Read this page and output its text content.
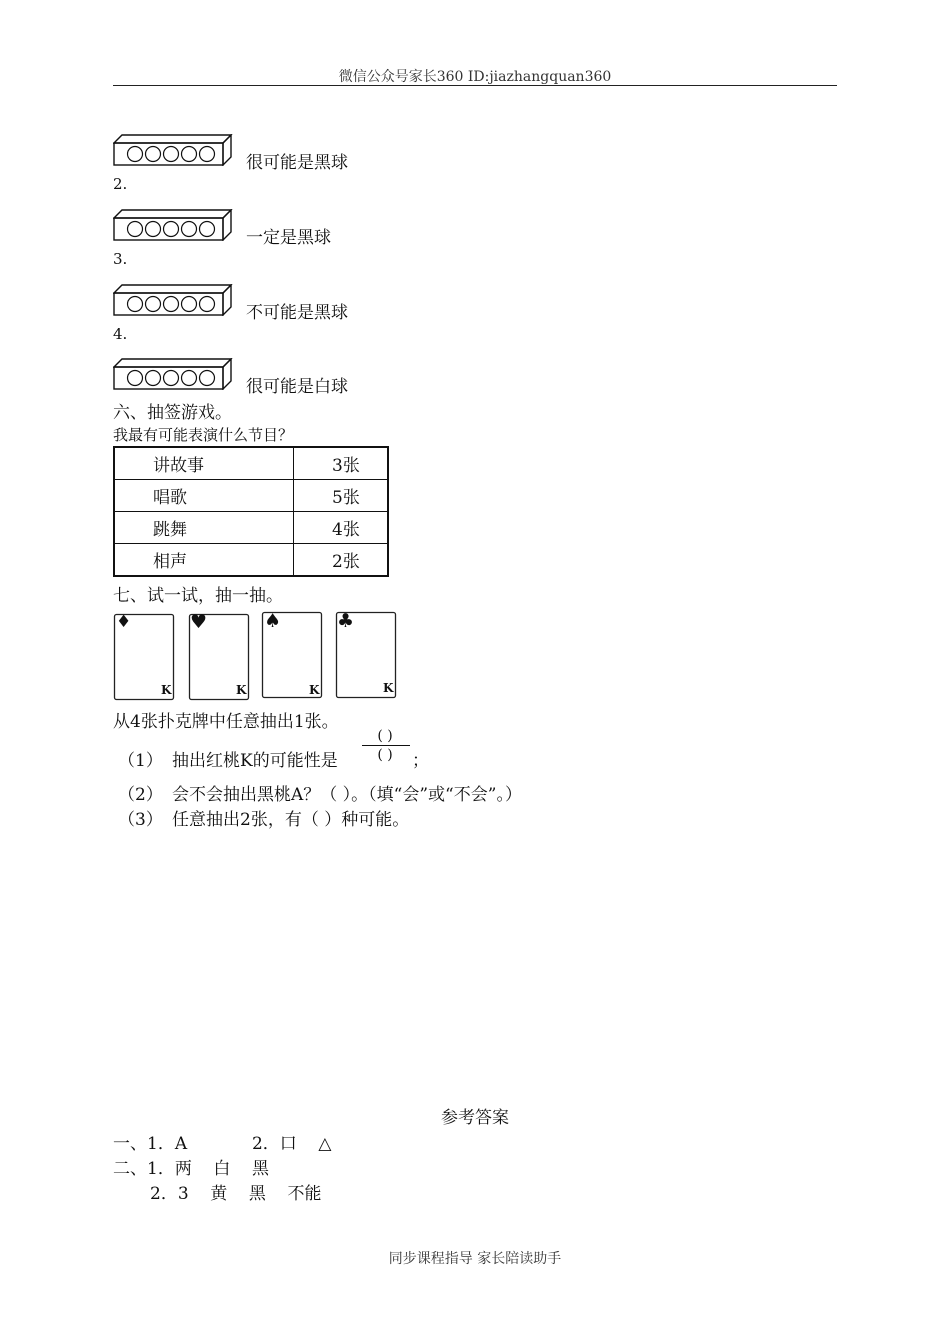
微信公众号家长360 ID:jiazhangquan360
很可能是黑球
2.
一定是黑球
3.
不可能是黑球
4.
很可能是白球
六、抽签游戏。
我最有可能表演什么节目？
讲故事	3张
唱歌	5张
跳舞	4张
相声	2张
七、试一试，抽一抽。
♦
K
♥
K
♠
K
♣
K
从4张扑克牌中任意抽出1张。
（1） 抽出红桃K的可能性是
( )
( )	；
（2） 会不会抽出黑桃A？（ ）。（填“会”或“不会”。）
（3） 任意抽出2张，有（ ）种可能。
参考答案
一、1．A            2．口    △
二、1．两    白    黑
2．3    黄    黑    不能
同步课程指导 家长陪读助手
